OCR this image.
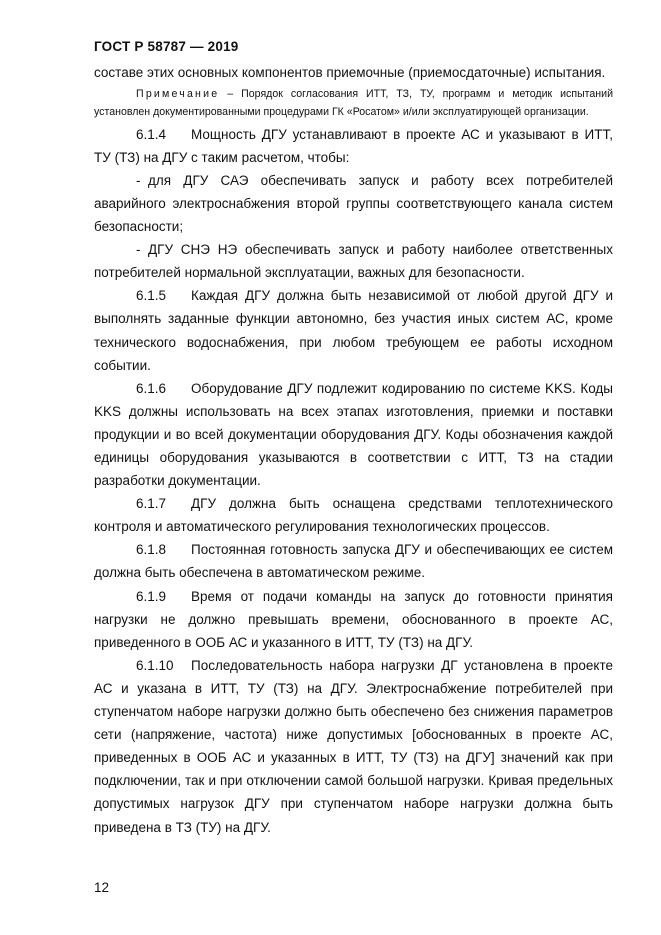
ГОСТ Р 58787 — 2019

составе этих основных компонентов приемочные (приемосдаточные) испытания.

Примечание – Порядок согласования ИТТ, ТЗ, ТУ, программ и методик испытаний установлен документированными процедурами ГК «Росатом» и/или эксплуатирующей организации.

6.1.4 Мощность ДГУ устанавливают в проекте АС и указывают в ИТТ, ТУ (ТЗ) на ДГУ с таким расчетом, чтобы:

- для ДГУ САЭ обеспечивать запуск и работу всех потребителей аварийного электроснабжения второй группы соответствующего канала систем безопасности;

- ДГУ СНЭ НЭ обеспечивать запуск и работу наиболее ответственных потребителей нормальной эксплуатации, важных для безопасности.

6.1.5 Каждая ДГУ должна быть независимой от любой другой ДГУ и выполнять заданные функции автономно, без участия иных систем АС, кроме технического водоснабжения, при любом требующем ее работы исходном событии.

6.1.6 Оборудование ДГУ подлежит кодированию по системе KKS. Коды KKS должны использовать на всех этапах изготовления, приемки и поставки продукции и во всей документации оборудования ДГУ. Коды обозначения каждой единицы оборудования указываются в соответствии с ИТТ, ТЗ на стадии разработки документации.

6.1.7 ДГУ должна быть оснащена средствами теплотехнического контроля и автоматического регулирования технологических процессов.

6.1.8 Постоянная готовность запуска ДГУ и обеспечивающих ее систем должна быть обеспечена в автоматическом режиме.

6.1.9 Время от подачи команды на запуск до готовности принятия нагрузки не должно превышать времени, обоснованного в проекте АС, приведенного в ООБ АС и указанного в ИТТ, ТУ (ТЗ) на ДГУ.

6.1.10 Последовательность набора нагрузки ДГ установлена в проекте АС и указана в ИТТ, ТУ (ТЗ) на ДГУ. Электроснабжение потребителей при ступенчатом наборе нагрузки должно быть обеспечено без снижения параметров сети (напряжение, частота) ниже допустимых [обоснованных в проекте АС, приведенных в ООБ АС и указанных в ИТТ, ТУ (ТЗ) на ДГУ] значений как при подключении, так и при отключении самой большой нагрузки. Кривая предельных допустимых нагрузок ДГУ при ступенчатом наборе нагрузки должна быть приведена в ТЗ (ТУ) на ДГУ.

12
